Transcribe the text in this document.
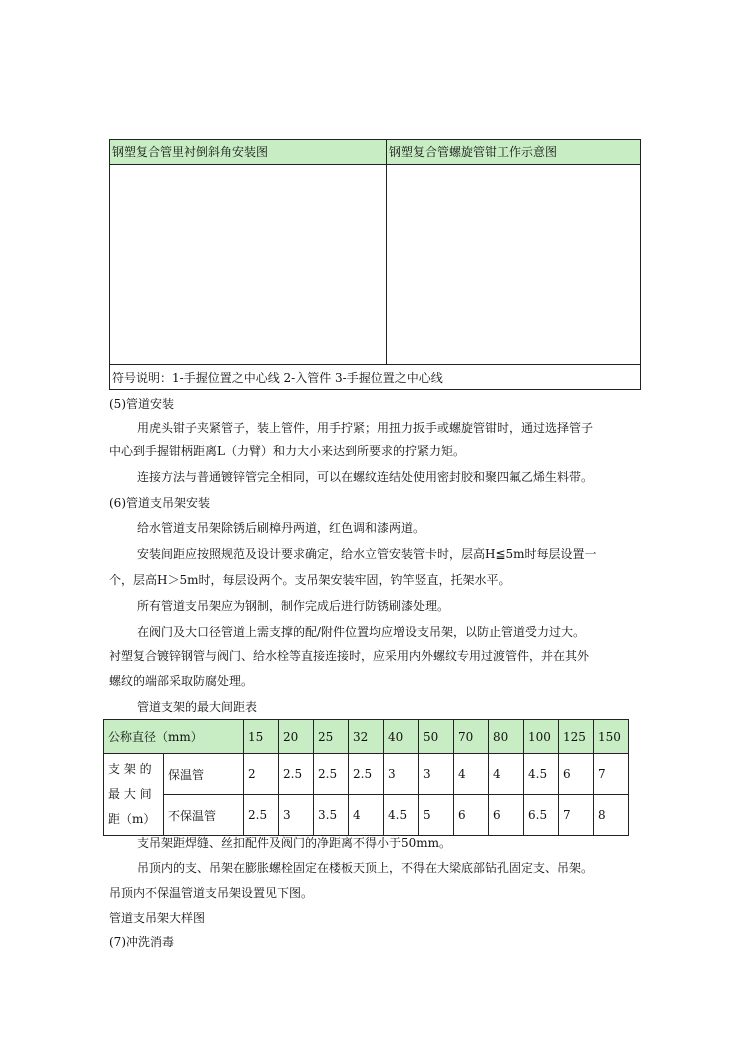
钢塑复合管里衬倒斜角安装图	钢塑复合管螺旋管钳工作示意图
符号说明：1-手握位置之中心线 2-入管件 3-手握位置之中心线
(5)管道安装
用虎头钳子夹紧管子，装上管件，用手拧紧；用扭力扳手或螺旋管钳时，通过选择管子
中心到手握钳柄距离L（力臂）和力大小来达到所要求的拧紧力矩。
连接方法与普通镀锌管完全相同，可以在螺纹连结处使用密封胶和聚四氟乙烯生料带。
(6)管道支吊架安装
给水管道支吊架除锈后刷樟丹两道，红色调和漆两道。
安装间距应按照规范及设计要求确定，给水立管安装管卡时，层高H≦5m时每层设置一
个，层高H＞5m时，每层设两个。支吊架安装牢固，钓竿竖直，托架水平。
所有管道支吊架应为钢制，制作完成后进行防锈刷漆处理。
在阀门及大口径管道上需支撑的配/附件位置均应增设支吊架，以防止管道受力过大。
衬塑复合镀锌钢管与阀门、给水栓等直接连接时，应采用内外螺纹专用过渡管件，并在其外
螺纹的端部采取防腐处理。
管道支架的最大间距表
公称直径（mm）		15	20	25	32	40	50	70	80	100	125	150

支 架 的
最 大 间
距（m）	保温管	2	2.5	2.5	2.5	3	3	4	4	4.5	6	7
	不保温管	2.5	3	3.5	4	4.5	5	6	6	6.5	7	8
支吊架距焊缝、丝扣配件及阀门的净距离不得小于50mm。
吊顶内的支、吊架在膨胀螺栓固定在楼板天顶上，不得在大梁底部钻孔固定支、吊架。
吊顶内不保温管道支吊架设置见下图。
管道支吊架大样图
(7)冲洗消毒
